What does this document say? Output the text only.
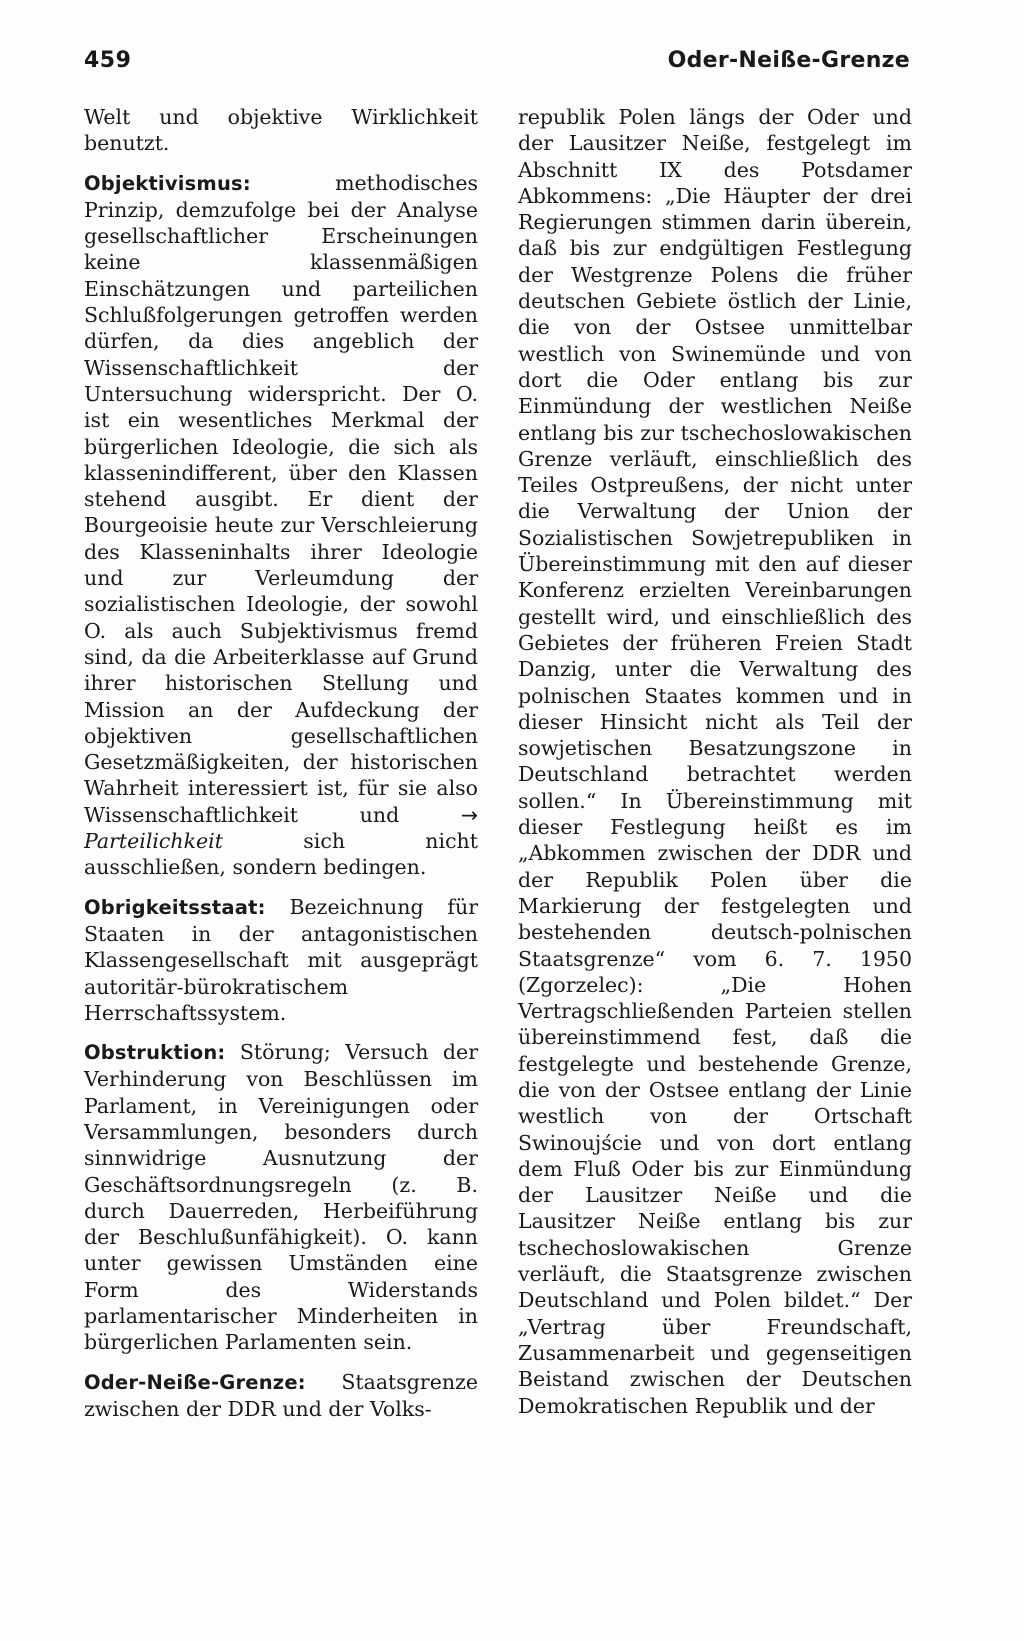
459	Oder-Neiße-Grenze

Welt und objektive Wirklichkeit benutzt.

Objektivismus: methodisches Prinzip, demzufolge bei der Analyse gesellschaftlicher Erscheinungen keine klassenmäßigen Einschätzungen und parteilichen Schlußfolgerungen getroffen werden dürfen, da dies angeblich der Wissenschaftlichkeit der Untersuchung widerspricht. Der O. ist ein wesentliches Merkmal der bürgerlichen Ideologie, die sich als klassenindifferent, über den Klassen stehend ausgibt. Er dient der Bourgeoisie heute zur Verschleierung des Klasseninhalts ihrer Ideologie und zur Verleumdung der sozialistischen Ideologie, der sowohl O. als auch Subjektivismus fremd sind, da die Arbeiterklasse auf Grund ihrer historischen Stellung und Mission an der Aufdeckung der objektiven gesellschaftlichen Gesetzmäßigkeiten, der historischen Wahrheit interessiert ist, für sie also Wissenschaftlichkeit und → Parteilichkeit sich nicht ausschließen, sondern bedingen.

Obrigkeitsstaat: Bezeichnung für Staaten in der antagonistischen Klassengesellschaft mit ausgeprägt autoritär-bürokratischem Herrschaftssystem.

Obstruktion: Störung; Versuch der Verhinderung von Beschlüssen im Parlament, in Vereinigungen oder Versammlungen, besonders durch sinnwidrige Ausnutzung der Geschäftsordnungsregeln (z. B. durch Dauerreden, Herbeiführung der Beschlußunfähigkeit). O. kann unter gewissen Umständen eine Form des Widerstands parlamentarischer Minderheiten in bürgerlichen Parlamenten sein.

Oder-Neiße-Grenze: Staatsgrenze zwischen der DDR und der Volks-

republik Polen längs der Oder und der Lausitzer Neiße, festgelegt im Abschnitt IX des Potsdamer Abkommens: „Die Häupter der drei Regierungen stimmen darin überein, daß bis zur endgültigen Festlegung der Westgrenze Polens die früher deutschen Gebiete östlich der Linie, die von der Ostsee unmittelbar westlich von Swinemünde und von dort die Oder entlang bis zur Einmündung der westlichen Neiße entlang bis zur tschechoslowakischen Grenze verläuft, einschließlich des Teiles Ostpreußens, der nicht unter die Verwaltung der Union der Sozialistischen Sowjetrepubliken in Übereinstimmung mit den auf dieser Konferenz erzielten Vereinbarungen gestellt wird, und einschließlich des Gebietes der früheren Freien Stadt Danzig, unter die Verwaltung des polnischen Staates kommen und in dieser Hinsicht nicht als Teil der sowjetischen Besatzungszone in Deutschland betrachtet werden sollen.“ In Übereinstimmung mit dieser Festlegung heißt es im „Abkommen zwischen der DDR und der Republik Polen über die Markierung der festgelegten und bestehenden deutsch-polnischen Staatsgrenze“ vom 6. 7. 1950 (Zgorzelec): „Die Hohen Vertragschließenden Parteien stellen übereinstimmend fest, daß die festgelegte und bestehende Grenze, die von der Ostsee entlang der Linie westlich von der Ortschaft Swinoujście und von dort entlang dem Fluß Oder bis zur Einmündung der Lausitzer Neiße und die Lausitzer Neiße entlang bis zur tschechoslowakischen Grenze verläuft, die Staatsgrenze zwischen Deutschland und Polen bildet.“ Der „Vertrag über Freundschaft, Zusammenarbeit und gegenseitigen Beistand zwischen der Deutschen Demokratischen Republik und der
